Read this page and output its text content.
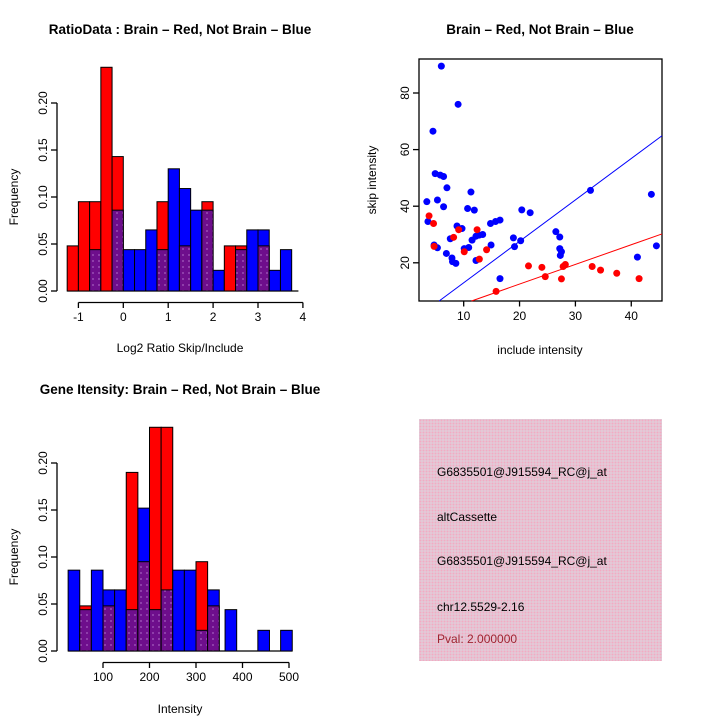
RatioData : Brain – Red, Not Brain – Blue
Frequency
Log2 Ratio Skip/Include
0.00
0.05
0.10
0.15
0.20
-1	0	1	2	3	4
Brain – Red, Not Brain – Blue
skip intensity
include intensity
10	20	30	40
20
40
60
80
Gene Itensity: Brain – Red, Not Brain – Blue
Frequency
Intensity
0.00
0.05
0.10
0.15
0.20
100 200 300 400 500
G6835501@J915594_RC@j_at
altCassette
G6835501@J915594_RC@j_at
chr12.5529-2.16
Pval: 2.000000
